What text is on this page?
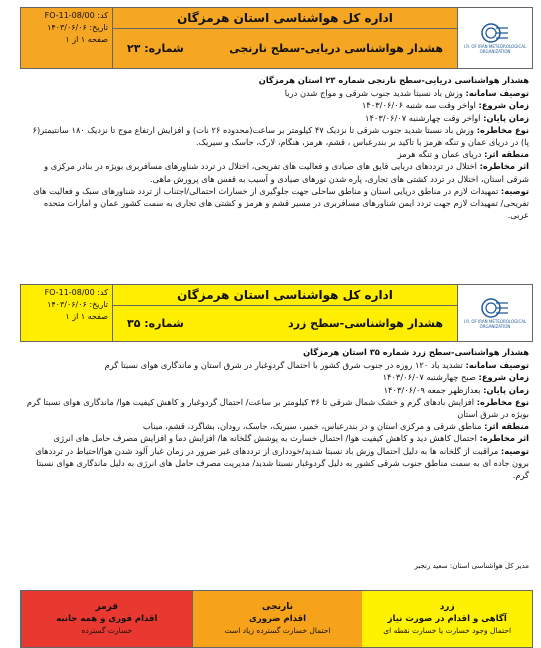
کد: FO-11-08/00
تاریخ: ۱۴۰۳/۰۶/۰۶
صفحه ۱ از ۱
اداره کل هواشناسی استان هرمزگان
هشدار هواشناسی دریایی-سطح نارنجی
شماره: ۲۳	I.R. OF IRAN METEOROLOGICAL ORGANIZATION
هشدار هواشناسی دریایی-سطح نارنجی شماره ۲۳ استان هرمزگان

توصیف سامانه: وزش باد نسبتا شدید جنوب شرقی و مواج شدن دریا

زمان شروع: اواخر وقت سه شنبه ۱۴۰۳/۰۶/۰۶

زمان پایان: اواخر وقت چهارشنبه ۱۴۰۳/۰۶/۰۷

نوع مخاطره: وزش باد نسبتا شدید جنوب شرقی تا نزدیک ۴۷ کیلومتر بر ساعت(محدوده ۲۶ نات) و افزایش ارتفاع موج تا نزدیک ۱۸۰ سانتیمتر(۶ پا) در دریای عمان و تنگه هرمز با تاکید بر بندرعباس ، قشم، هرمز، هنگام، لارک، جاسک و سیریک.

منطقه اثر: دریای عمان و تنگه هرمز

اثر مخاطره: اختلال در ترددهای دریایی قایق های صیادی و فعالیت های تفریحی، اختلال در تردد شناورهای مسافربری بویژه در بنادر مرکزی و شرقی استان، اختلال در تردد کشتی های تجاری، پاره شدن تورهای صیادی و آسیب به قفس های پرورش ماهی.

توصیه: تمهیدات لازم در مناطق دریایی استان و مناطق ساحلی جهت جلوگیری از خسارات احتمالی/اجتناب از تردد شناورهای سبک و فعالیت های تفریحی/ تمهیدات لازم جهت تردد ایمن شناورهای مسافربری در مسیر قشم و هرمز و کشتی های تجاری به سمت کشور عمان و امارات متحده عربی.

کد: FO-11-08/00
تاریخ: ۱۴۰۳/۰۶/۰۶
صفحه ۱ از ۱
اداره کل هواشناسی استان هرمزگان
هشدار هواشناسی-سطح زرد
شماره: ۳۵	I.R. OF IRAN METEOROLOGICAL ORGANIZATION
هشدار هواشناسی-سطح زرد شماره ۳۵ استان هرمزگان

توصیف سامانه: تشدید باد ۱۲۰ روزه در جنوب شرق کشور با احتمال گردوغبار در شرق استان و ماندگاری هوای نسبتا گرم

زمان شروع: صبح چهارشنبه ۱۴۰۳/۰۶/۰۷

زمان پایان: بعدازظهر جمعه ۱۴۰۳/۰۶/۰۹

نوع مخاطره: افزایش بادهای گرم و خشک شمال شرقی تا ۳۶ کیلومتر بر ساعت/ احتمال گردوغبار و کاهش کیفیت هوا/ ماندگاری هوای نسبتا گرم بویژه در شرق استان

منطقه اثر: مناطق شرقی و مرکزی استان و در بندرعباس، خمیر، سیریک، جاسک، رودان، بشاگرد، قشم، میناب

اثر مخاطره: احتمال کاهش دید و کاهش کیفیت هوا/ احتمال خسارت به پوشش گلخانه ها/ افزایش دما و افزایش مصرف حامل های انرژی

توصیه: مراقبت از گلخانه ها به دلیل احتمال وزش باد نسبتا شدید/خودداری از ترددهای غیر ضرور در زمان غبار آلود شدن هوا/احتیاط در ترددهای برون جاده ای به سمت مناطق جنوب شرقی کشور به دلیل گردوغبار نسبتا شدید/ مدیریت مصرف حامل های انرژی به دلیل ماندگاری هوای نسبتا گرم.

مدیر کل هواشناسی استان: سعید رنجبر
قرمز
اقدام فوری و همه جانبه
خسارت گسترده
نارنجی
اقدام ضروری
احتمال خسارت گسترده زیاد است
زرد
آگاهی و اقدام در صورت نیاز
احتمال وجود خسارت یا خسارت نقطه ای
